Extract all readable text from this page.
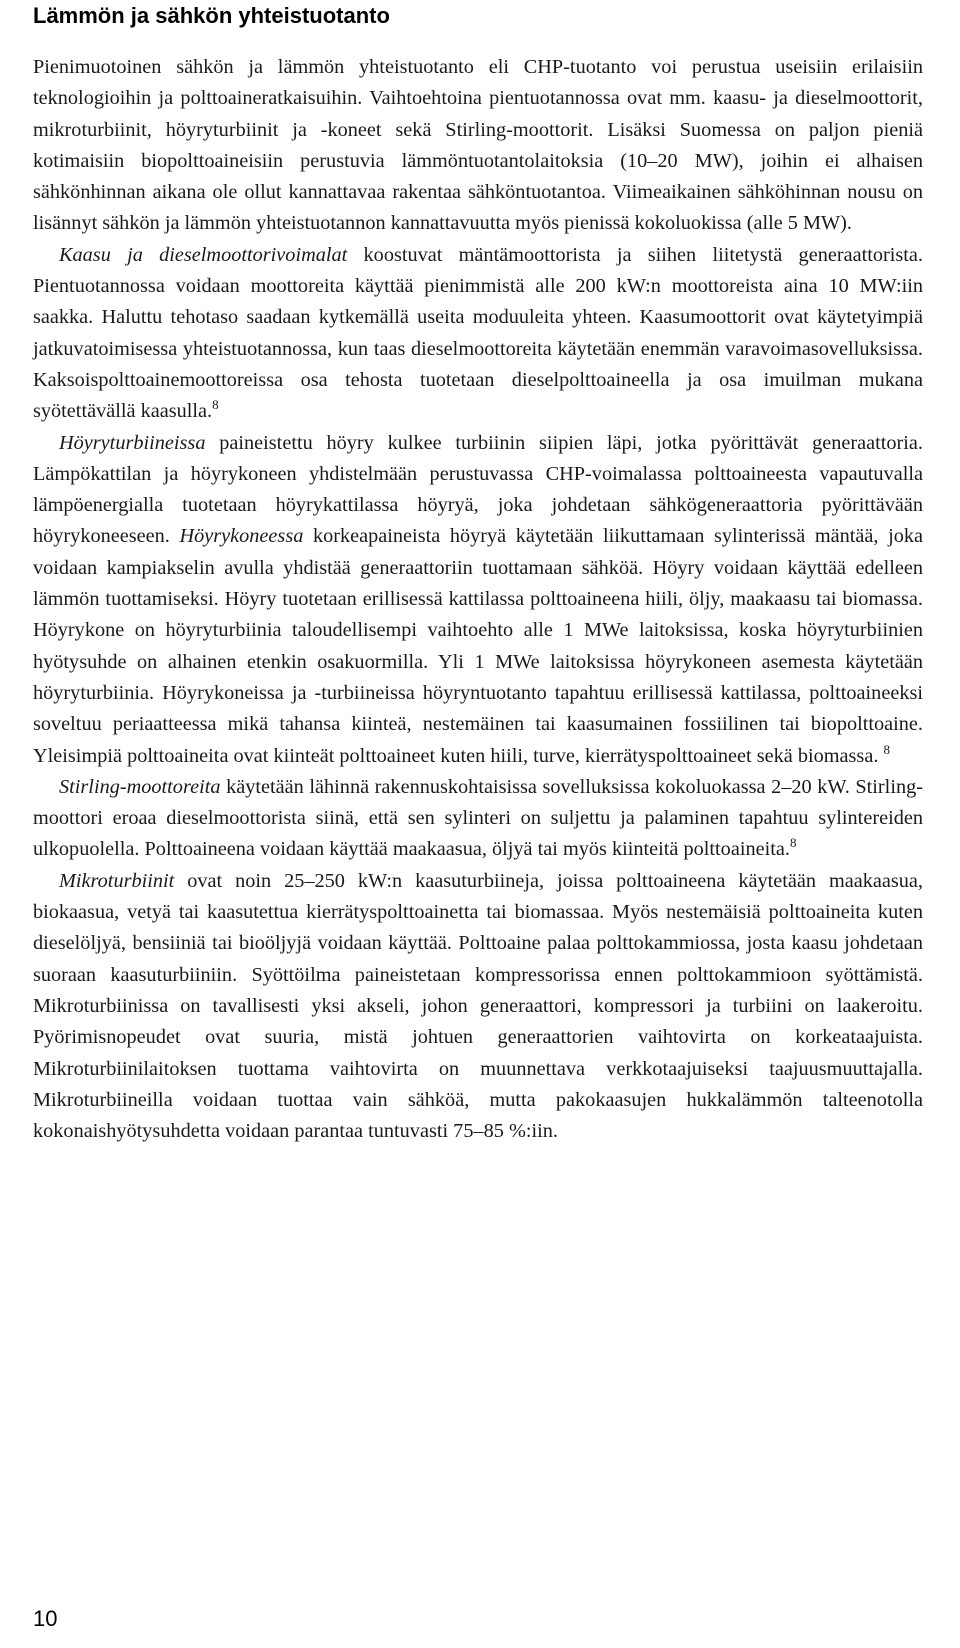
Lämmön ja sähkön yhteistuotanto

Pienimuotoinen sähkön ja lämmön yhteistuotanto eli CHP-tuotanto voi perustua useisiin erilaisiin teknologioihin ja polttoaineratkaisuihin. Vaihtoehtoina pientuotannossa ovat mm. kaasu- ja dieselmoottorit, mikroturbiinit, höyryturbiinit ja -koneet sekä Stirling-moottorit. Lisäksi Suomessa on paljon pieniä kotimaisiin biopolttoaineisiin perustuvia lämmöntuotantolaitoksia (10–20 MW), joihin ei alhaisen sähkönhinnan aikana ole ollut kannattavaa rakentaa sähköntuotantoa. Viimeaikainen sähköhinnan nousu on lisännyt sähkön ja lämmön yhteistuotannon kannattavuutta myös pienissä kokoluokissa (alle 5 MW).

Kaasu ja dieselmoottorivoimalat koostuvat mäntämoottorista ja siihen liitetystä generaattorista. Pientuotannossa voidaan moottoreita käyttää pienimmistä alle 200 kW:n moottoreista aina 10 MW:iin saakka. Haluttu tehotaso saadaan kytkemällä useita moduuleita yhteen. Kaasumoottorit ovat käytetyimpiä jatkuvatoimisessa yhteistuotannossa, kun taas dieselmoottoreita käytetään enemmän varavoimasovelluksissa. Kaksoispolttoainemoottoreissa osa tehosta tuotetaan dieselpolttoaineella ja osa imuilman mukana syötettävällä kaasulla.$^8$

Höyryturbiineissa paineistettu höyry kulkee turbiinin siipien läpi, jotka pyörittävät generaattoria. Lämpökattilan ja höyrykoneen yhdistelmään perustuvassa CHP-voimalassa polttoaineesta vapautuvalla lämpöenergialla tuotetaan höyrykattilassa höyryä, joka johdetaan sähkögeneraattoria pyörittävään höyrykoneeseen. Höyrykoneessa korkeapaineista höyryä käytetään liikuttamaan sylinterissä mäntää, joka voidaan kampiakselin avulla yhdistää generaattoriin tuottamaan sähköä. Höyry voidaan käyttää edelleen lämmön tuottamiseksi. Höyry tuotetaan erillisessä kattilassa polttoaineena hiili, öljy, maakaasu tai biomassa. Höyrykone on höyryturbiinia taloudellisempi vaihtoehto alle 1 MWe laitoksissa, koska höyryturbiinien hyötysuhde on alhainen etenkin osakuormilla. Yli 1 MWe laitoksissa höyrykoneen asemesta käytetään höyryturbiinia. Höyrykoneissa ja -turbiineissa höyryntuotanto tapahtuu erillisessä kattilassa, polttoaineeksi soveltuu periaatteessa mikä tahansa kiinteä, nestemäinen tai kaasumainen fossiilinen tai biopolttoaine. Yleisimpiä polttoaineita ovat kiinteät polttoaineet kuten hiili, turve, kierrätyspolttoaineet sekä biomassa. $^8$

Stirling-moottoreita käytetään lähinnä rakennuskohtaisissa sovelluksissa kokoluokassa 2–20 kW. Stirling-moottori eroaa dieselmoottorista siinä, että sen sylinteri on suljettu ja palaminen tapahtuu sylintereiden ulkopuolella. Polttoaineena voidaan käyttää maakaasua, öljyä tai myös kiinteitä polttoaineita.$^8$

Mikroturbiinit ovat noin 25–250 kW:n kaasuturbiineja, joissa polttoaineena käytetään maakaasua, biokaasua, vetyä tai kaasutettua kierrätyspolttoainetta tai biomassaa. Myös nestemäisiä polttoaineita kuten dieselöljyä, bensiiniä tai bioöljyjä voidaan käyttää. Polttoaine palaa polttokammiossa, josta kaasu johdetaan suoraan kaasuturbiiniin. Syöttöilma paineistetaan kompressorissa ennen polttokammioon syöttämistä. Mikroturbiinissa on tavallisesti yksi akseli, johon generaattori, kompressori ja turbiini on laakeroitu. Pyörimisnopeudet ovat suuria, mistä johtuen generaattorien vaihtovirta on korkeataajuista. Mikroturbiinilaitoksen tuottama vaihtovirta on muunnettava verkkotaajuiseksi taajuusmuuttajalla. Mikroturbiineilla voidaan tuottaa vain sähköä, mutta pakokaasujen hukkalämmön talteenotolla kokonaishyötysuhdetta voidaan parantaa tuntuvasti 75–85 %:iin.

10
